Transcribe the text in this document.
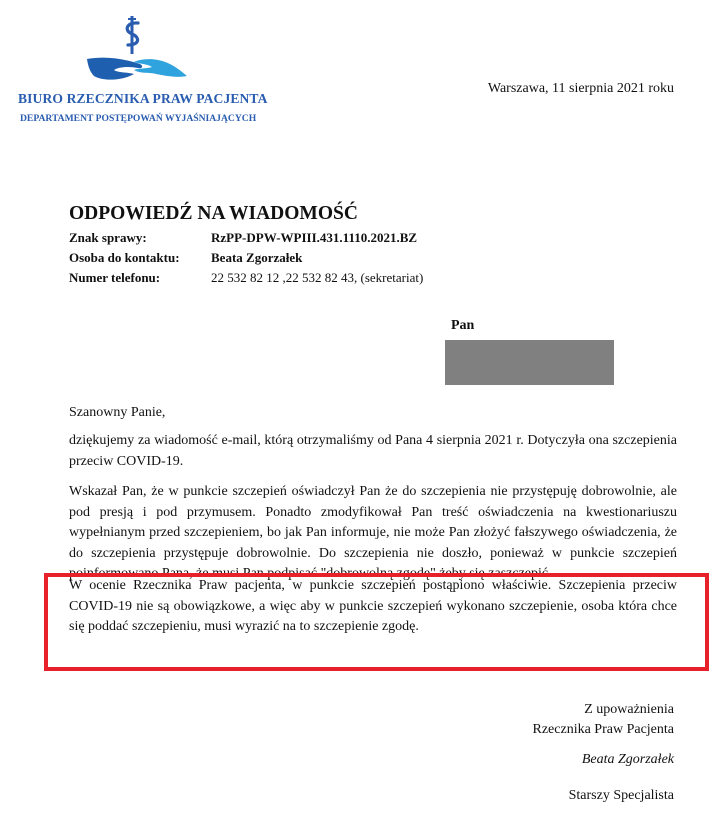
BIURO RZECZNIKA PRAW PACJENTA
DEPARTAMENT POSTĘPOWAŃ WYJAŚNIAJĄCYCH
Warszawa, 11 sierpnia 2021 roku
ODPOWIEDŹ NA WIADOMOŚĆ
Znak sprawy:	RzPP-DPW-WPIII.431.1110.2021.BZ
Osoba do kontaktu: Beata Zgorzałek
Numer telefonu:	22 532 82 12 ,22 532 82 43, (sekretariat)
Pan
Szanowny Panie,
dziękujemy za wiadomość e-mail, którą otrzymaliśmy od Pana 4 sierpnia 2021 r. Dotyczyła ona szczepienia przeciw COVID-19.
Wskazał Pan, że w punkcie szczepień oświadczył Pan że do szczepienia nie przystępuję dobrowolnie, ale pod presją i pod przymusem. Ponadto zmodyfikował Pan treść oświadczenia na kwestionariuszu wypełnianym przed szczepieniem, bo jak Pan informuje, nie może Pan złożyć fałszywego oświadczenia, że do szczepienia przystępuje dobrowolnie. Do szczepienia nie doszło, ponieważ w punkcie szczepień poinformowano Pana, że musi Pan podpisać "dobrowolną zgodę" żeby się zaszczepić.
W ocenie Rzecznika Praw pacjenta, w punkcie szczepień postąpiono właściwie. Szczepienia przeciw COVID-19 nie są obowiązkowe, a więc aby w punkcie szczepień wykonano szczepienie, osoba która chce się poddać szczepieniu, musi wyrazić na to szczepienie zgodę.
Z upoważnienia
Rzecznika Praw Pacjenta
Beata Zgorzałek
Starszy Specjalista
